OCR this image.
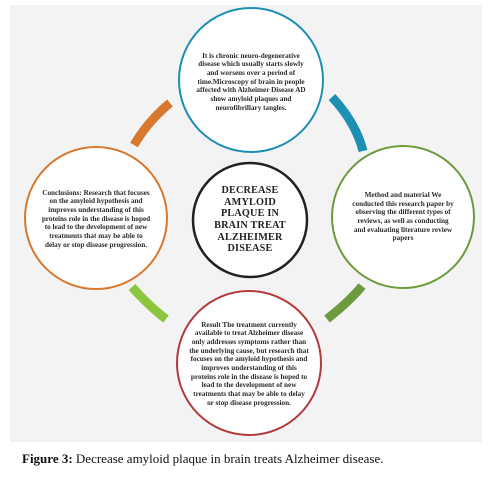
It is chronic neuro-degenerative disease which usually starts slowly and worsens over a period of time.Microscopy of brain in people affected with Alzheimer Disease AD show amyloid plaques and neurofibrillary tangles.
Method and material We conducted this research paper by observing the different types of reviews, as well as conducting and evaluating literature review papers
Result The treatment currently available to treat Alzheimer disease only addresses symptoms rather than the underlying cause, but research that focuses on the amyloid hypothesis and improves understanding of this proteins role in the disease is hoped to lead to the development of new treatments that may be able to delay or stop disease progression.
Conclusions: Research that focuses on the amyloid hypothesis and improves understanding of this proteins role in the disease is hoped to lead to the development of new treatments that may be able to delay or stop disease progression.
DECREASE AMYLOID PLAQUE IN BRAIN TREAT ALZHEIMER DISEASE
Figure 3: Decrease amyloid plaque in brain treats Alzheimer disease.
